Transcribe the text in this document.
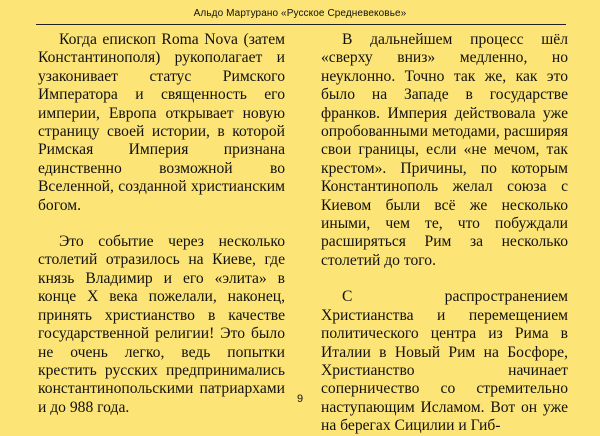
Альдо Мартурано «Русское Средневековье»

Когда епископ Roma Nova (затем Константинополя) рукополагает и узаконивает статус Римского Императора и священность его империи, Европа открывает новую страницу своей истории, в которой Римская Империя признана единственно возможной во Вселенной, созданной христианским богом.

Это событие через несколько столетий отразилось на Киеве, где князь Владимир и его «элита» в конце X века пожелали, наконец, принять христианство в качестве государственной религии! Это было не очень легко, ведь попытки крестить русских предпринимались константинопольскими патриархами и до 988 года.

В дальнейшем процесс шёл «сверху вниз» медленно, но неуклонно. Точно так же, как это было на Западе в государстве франков. Империя действовала уже опробованными методами, расширяя свои границы, если «не мечом, так крестом». Причины, по которым Константинополь желал союза с Киевом были всё же несколько иными, чем те, что побуждали расширяться Рим за несколько столетий до того.

С распространением Христианства и перемещением политического центра из Рима в Италии в Новый Рим на Босфоре, Христианство начинает соперничество со стремительно наступающим Исламом. Вот он уже на берегах Сицилии и Гиб-

9
